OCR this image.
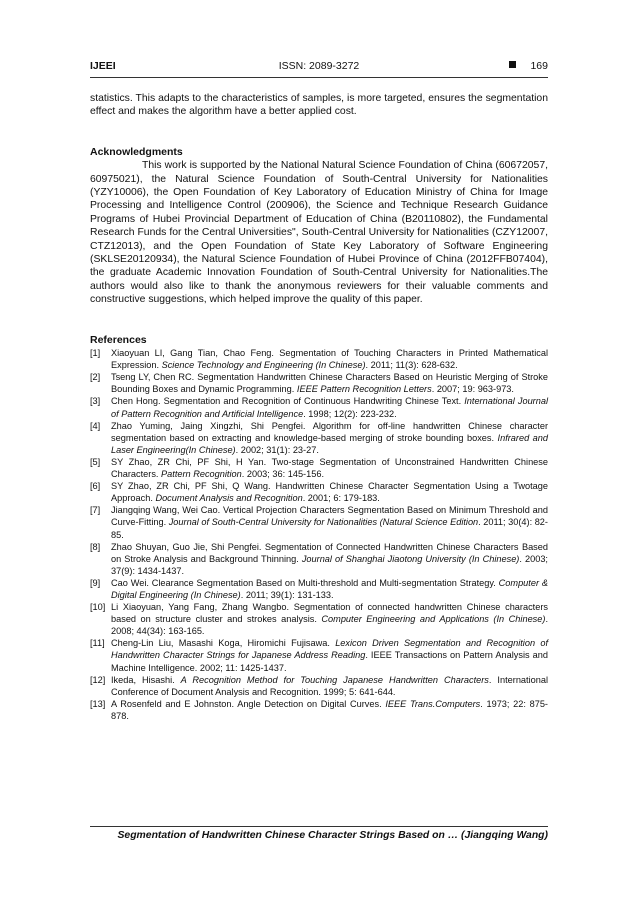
IJEEI	ISSN: 2089-3272	169

statistics. This adapts to the characteristics of samples, is more targeted, ensures the segmentation effect and makes the algorithm have a better applied cost.

Acknowledgments

This work is supported by the National Natural Science Foundation of China (60672057, 60975021), the Natural Science Foundation of South-Central University for Nationalities (YZY10006), the Open Foundation of Key Laboratory of Education Ministry of China for Image Processing and Intelligence Control (200906), the Science and Technique Research Guidance Programs of Hubei Provincial Department of Education of China (B20110802), the Fundamental Research Funds for the Central Universities", South-Central University for Nationalities (CZY12007, CTZ12013), and the Open Foundation of State Key Laboratory of Software Engineering (SKLSE20120934), the Natural Science Foundation of Hubei Province of China (2012FFB07404), the graduate Academic Innovation Foundation of South-Central University for Nationalities.The authors would also like to thank the anonymous reviewers for their valuable comments and constructive suggestions, which helped improve the quality of this paper.

References
[1] Xiaoyuan LI, Gang Tian, Chao Feng. Segmentation of Touching Characters in Printed Mathematical Expression. Science Technology and Engineering (In Chinese). 2011; 11(3): 628-632.
[2] Tseng LY, Chen RC. Segmentation Handwritten Chinese Characters Based on Heuristic Merging of Stroke Bounding Boxes and Dynamic Programming. IEEE Pattern Recognition Letters. 2007; 19: 963-973.
[3] Chen Hong. Segmentation and Recognition of Continuous Handwriting Chinese Text. International Journal of Pattern Recognition and Artificial Intelligence. 1998; 12(2): 223-232.
[4] Zhao Yuming, Jaing Xingzhi, Shi Pengfei. Algorithm for off-line handwritten Chinese character segmentation based on extracting and knowledge-based merging of stroke bounding boxes. Infrared and Laser Engineering(In Chinese). 2002; 31(1): 23-27.
[5] SY Zhao, ZR Chi, PF Shi, H Yan. Two-stage Segmentation of Unconstrained Handwritten Chinese Characters. Pattern Recognition. 2003; 36: 145-156.
[6] SY Zhao, ZR Chi, PF Shi, Q Wang. Handwritten Chinese Character Segmentation Using a Twotage Approach. Document Analysis and Recognition. 2001; 6: 179-183.
[7] Jiangqing Wang, Wei Cao. Vertical Projection Characters Segmentation Based on Minimum Threshold and Curve-Fitting. Journal of South-Central University for Nationalities (Natural Science Edition. 2011; 30(4): 82-85.
[8] Zhao Shuyan, Guo Jie, Shi Pengfei. Segmentation of Connected Handwritten Chinese Characters Based on Stroke Analysis and Background Thinning. Journal of Shanghai Jiaotong University (In Chinese). 2003; 37(9): 1434-1437.
[9] Cao Wei. Clearance Segmentation Based on Multi-threshold and Multi-segmentation Strategy. Computer & Digital Engineering (In Chinese). 2011; 39(1): 131-133.
[10] Li Xiaoyuan, Yang Fang, Zhang Wangbo. Segmentation of connected handwritten Chinese characters based on structure cluster and strokes analysis. Computer Engineering and Applications (In Chinese). 2008; 44(34): 163-165.
[11] Cheng-Lin Liu, Masashi Koga, Hiromichi Fujisawa. Lexicon Driven Segmentation and Recognition of Handwritten Character Strings for Japanese Address Reading. IEEE Transactions on Pattern Analysis and Machine Intelligence. 2002; 11: 1425-1437.
[12] Ikeda, Hisashi. A Recognition Method for Touching Japanese Handwritten Characters. International Conference of Document Analysis and Recognition. 1999; 5: 641-644.
[13] A Rosenfeld and E Johnston. Angle Detection on Digital Curves. IEEE Trans.Computers. 1973; 22: 875-878.
Segmentation of Handwritten Chinese Character Strings Based on … (Jiangqing Wang)
